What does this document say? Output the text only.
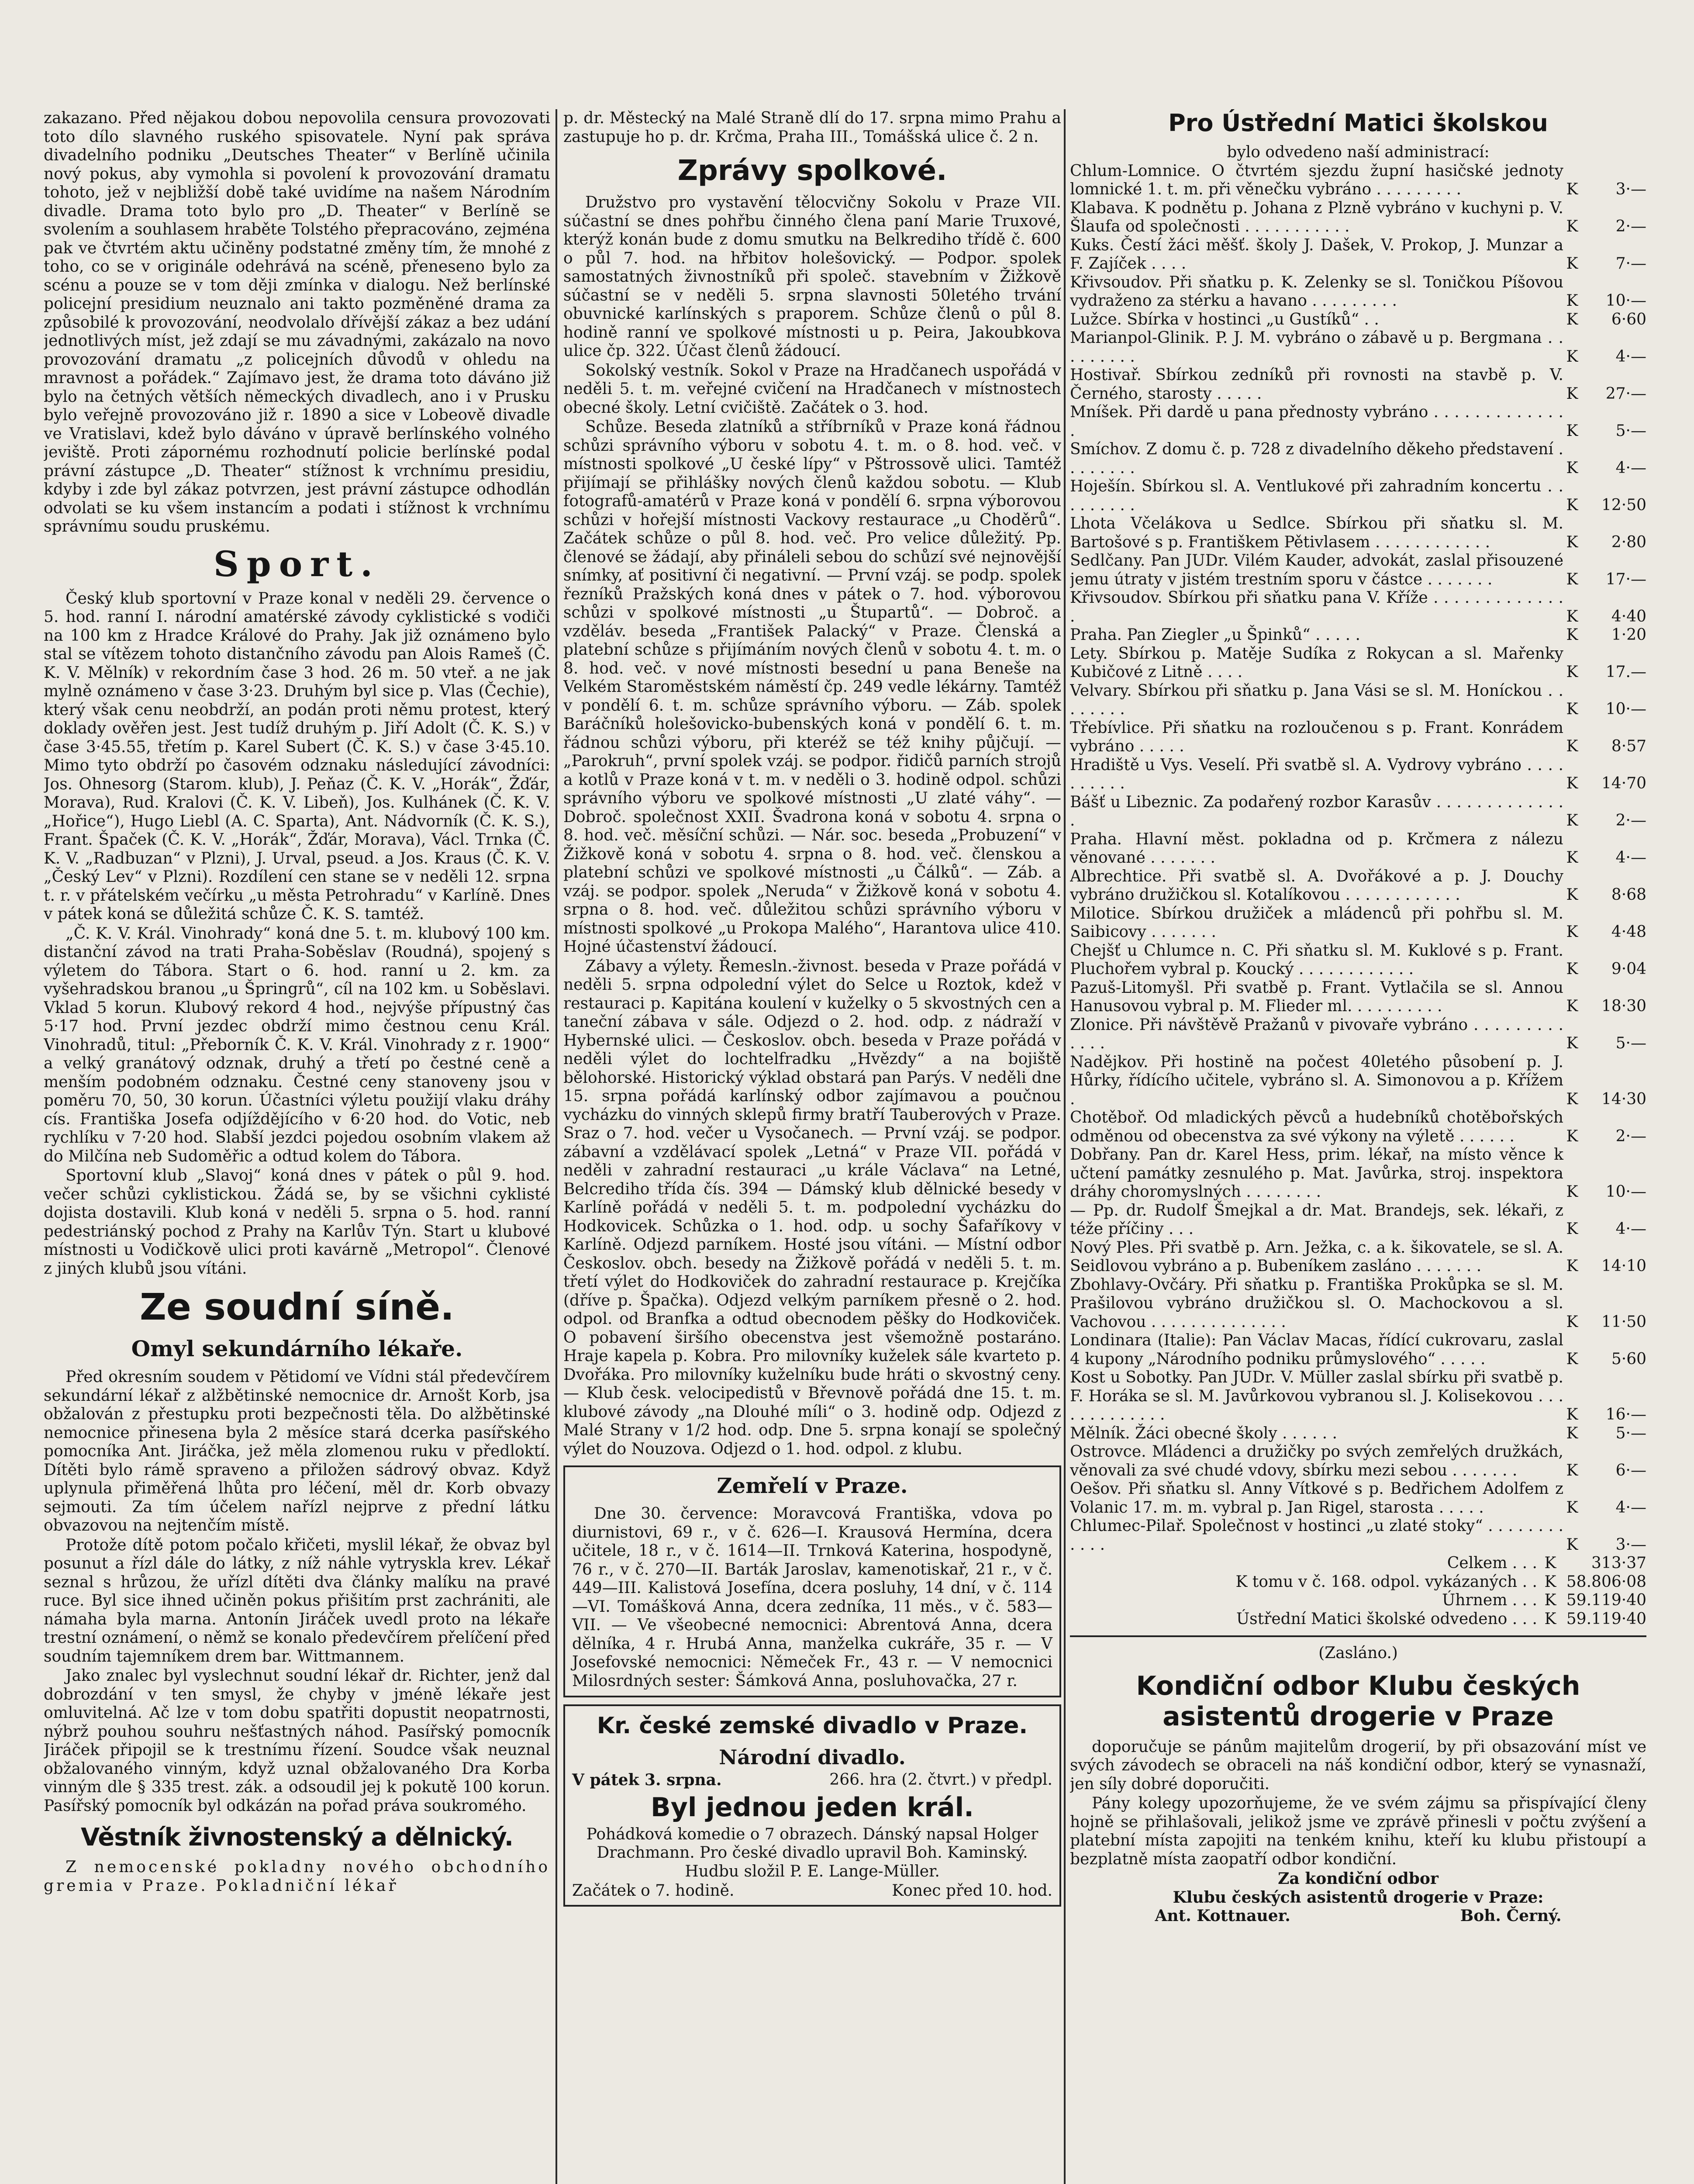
zakazano. Před nějakou dobou nepovolila censura provozovati toto dílo slavného ruského spisovatele. Nyní pak správa divadelního podniku „Deutsches Theater“ v Berlíně učinila nový pokus, aby vymohla si povolení k provozování dramatu tohoto, jež v nejbližší době také uvidíme na našem Národním divadle. Drama toto bylo pro „D. Theater“ v Berlíně se svolením a souhlasem hraběte Tolstého přepracováno, zejména pak ve čtvrtém aktu učiněny podstatné změny tím, že mnohé z toho, co se v originále odehrává na scéně, přeneseno bylo za scénu a pouze se v tom ději zmínka v dialogu. Než berlínské policejní presidium neuznalo ani takto pozměněné drama za způsobilé k provozování, neodvolalo dřívější zákaz a bez udání jednotlivých míst, jež zdají se mu závadnými, zakázalo na novo provozování dramatu „z policejních důvodů v ohledu na mravnost a pořádek.“ Zajímavo jest, že drama toto dáváno již bylo na četných větších německých divadlech, ano i v Prusku bylo veřejně provozováno již r. 1890 a sice v Lobeově divadle ve Vratislavi, kdež bylo dáváno v úpravě berlínského volného jeviště. Proti zápornému rozhodnutí policie berlínské podal právní zástupce „D. Theater“ stížnost k vrchnímu presidiu, kdyby i zde byl zákaz potvrzen, jest právní zástupce odhodlán odvolati se ku všem instancím a podati i stížnost k vrchnímu správnímu soudu pruskému.

Sport.

Český klub sportovní v Praze konal v neděli 29. července o 5. hod. ranní I. národní amatérské závody cyklistické s vodiči na 100 km z Hradce Králové do Prahy. Jak již oznámeno bylo stal se vítězem tohoto distančního závodu pan Alois Rameš (Č. K. V. Mělník) v rekordním čase 3 hod. 26 m. 50 vteř. a ne jak mylně oznámeno v čase 3·23. Druhým byl sice p. Vlas (Čechie), který však cenu neobdrží, an podán proti němu protest, který doklady ověřen jest. Jest tudíž druhým p. Jiří Adolt (Č. K. S.) v čase 3·45.55, třetím p. Karel Subert (Č. K. S.) v čase 3·45.10. Mimo tyto obdrží po časovém odznaku následující závodníci: Jos. Ohnesorg (Starom. klub), J. Peňaz (Č. K. V. „Horák“, Žďár, Morava), Rud. Kralovi (Č. K. V. Libeň), Jos. Kulhánek (Č. K. V. „Hořice“), Hugo Liebl (A. C. Sparta), Ant. Nádvorník (Č. K. S.), Frant. Špaček (Č. K. V. „Horák“, Žďár, Morava), Václ. Trnka (Č. K. V. „Radbuzan“ v Plzni), J. Urval, pseud. a Jos. Kraus (Č. K. V. „Český Lev“ v Plzni). Rozdílení cen stane se v neděli 12. srpna t. r. v přátelském večírku „u města Petrohradu“ v Karlíně. Dnes v pátek koná se důležitá schůze Č. K. S. tamtéž.

„Č. K. V. Král. Vinohrady“ koná dne 5. t. m. klubový 100 km. distanční závod na trati Praha-Soběslav (Roudná), spojený s výletem do Tábora. Start o 6. hod. ranní u 2. km. za vyšehradskou branou „u Špringrů“, cíl na 102 km. u Soběslavi. Vklad 5 korun. Klubový rekord 4 hod., nejvýše přípustný čas 5·17 hod. První jezdec obdrží mimo čestnou cenu Král. Vinohradů, titul: „Přeborník Č. K. V. Král. Vinohrady z r. 1900“ a velký granátový odznak, druhý a třetí po čestné ceně a menším podobném odznaku. Čestné ceny stanoveny jsou v poměru 70, 50, 30 korun. Účastníci výletu použijí vlaku dráhy cís. Františka Josefa odjíždějícího v 6·20 hod. do Votic, neb rychlíku v 7·20 hod. Slabší jezdci pojedou osobním vlakem až do Milčína neb Sudoměřic a odtud kolem do Tábora.

Sportovní klub „Slavoj“ koná dnes v pátek o půl 9. hod. večer schůzi cyklistickou. Žádá se, by se všichni cyklisté dojista dostavili. Klub koná v neděli 5. srpna o 5. hod. ranní pedestriánský pochod z Prahy na Karlův Týn. Start u klubové místnosti u Vodičkově ulici proti kavárně „Metropol“. Členové z jiných klubů jsou vítáni.

Ze soudní síně.
Omyl sekundárního lékaře.

Před okresním soudem v Pětidomí ve Vídni stál předevčírem sekundární lékař z alžbětinské nemocnice dr. Arnošt Korb, jsa obžalován z přestupku proti bezpečnosti těla. Do alžbětinské nemocnice přinesena byla 2 měsíce stará dcerka pasířského pomocníka Ant. Jiráčka, jež měla zlomenou ruku v předloktí. Dítěti bylo rámě spraveno a přiložen sádrový obvaz. Když uplynula přiměřená lhůta pro léčení, měl dr. Korb obvazy sejmouti. Za tím účelem nařízl nejprve z přední látku obvazovou na nejtenčím místě.

Protože dítě potom počalo křičeti, myslil lékař, že obvaz byl posunut a řízl dále do látky, z níž náhle vytryskla krev. Lékař seznal s hrůzou, že uřízl dítěti dva články malíku na pravé ruce. Byl sice ihned učiněn pokus přišitím prst zachrániti, ale námaha byla marna. Antonín Jiráček uvedl proto na lékaře trestní oznámení, o němž se konalo předevčírem přelíčení před soudním tajemníkem drem bar. Wittmannem.

Jako znalec byl vyslechnut soudní lékař dr. Richter, jenž dal dobrozdání v ten smysl, že chyby v jméně lékaře jest omluvitelná. Ač lze v tom dobu spatřiti dopustit neopatrnosti, nýbrž pouhou souhru nešťastných náhod. Pasířský pomocník Jiráček připojil se k trestnímu řízení. Soudce však neuznal obžalovaného vinným, když uznal obžalovaného Dra Korba vinným dle § 335 trest. zák. a odsoudil jej k pokutě 100 korun. Pasířský pomocník byl odkázán na pořad práva soukromého.

Věstník živnostenský a dělnický.

Z nemocenské pokladny nového obchodního gremia v Praze. Pokladniční lékař

p. dr. Městecký na Malé Straně dlí do 17. srpna mimo Prahu a zastupuje ho p. dr. Krčma, Praha III., Tomášská ulice č. 2 n.

Zprávy spolkové.

Družstvo pro vystavění tělocvičny Sokolu v Praze VII. súčastní se dnes pohřbu činného člena paní Marie Truxové, kterýž konán bude z domu smutku na Belkrediho třídě č. 600 o půl 7. hod. na hřbitov holešovický. — Podpor. spolek samostatných živnostníků při společ. stavebním v Žižkově súčastní se v neděli 5. srpna slavnosti 50letého trvání obuvnické karlínských s praporem. Schůze členů o půl 8. hodině ranní ve spolkové místnosti u p. Peira, Jakoubkova ulice čp. 322. Účast členů žádoucí.

Sokolský vestník. Sokol v Praze na Hradčanech uspořádá v neděli 5. t. m. veřejné cvičení na Hradčanech v místnostech obecné školy. Letní cvičiště. Začátek o 3. hod.

Schůze. Beseda zlatníků a stříbrníků v Praze koná řádnou schůzi správního výboru v sobotu 4. t. m. o 8. hod. več. v místnosti spolkové „U české lípy“ v Pštrossově ulici. Tamtéž přijímají se přihlášky nových členů každou sobotu. — Klub fotografů-amatérů v Praze koná v pondělí 6. srpna výborovou schůzi v hořejší místnosti Vackovy restaurace „u Choděrů“. Začátek schůze o půl 8. hod. več. Pro velice důležitý. Pp. členové se žádají, aby přináleli sebou do schůzí své nejnovější snímky, ať positivní či negativní. — První vzáj. se podp. spolek řezníků Pražských koná dnes v pátek o 7. hod. výborovou schůzi v spolkové místnosti „u Štupartů“. — Dobroč. a vzděláv. beseda „František Palacký“ v Praze. Členská a platební schůze s přijímáním nových členů v sobotu 4. t. m. o 8. hod. več. v nové místnosti besední u pana Beneše na Velkém Staroměstském náměstí čp. 249 vedle lékárny. Tamtéž v pondělí 6. t. m. schůze správního výboru. — Záb. spolek Baráčníků holešovicko-bubenských koná v pondělí 6. t. m. řádnou schůzi výboru, při kteréž se též knihy půjčují. — „Parokruh“, první spolek vzáj. se podpor. řidičů parních strojů a kotlů v Praze koná v t. m. v neděli o 3. hodině odpol. schůzi správního výboru ve spolkové místnosti „U zlaté váhy“. — Dobroč. společnost XXII. Švadrona koná v sobotu 4. srpna o 8. hod. več. měsíční schůzi. — Nár. soc. beseda „Probuzení“ v Žižkově koná v sobotu 4. srpna o 8. hod. več. členskou a platební schůzi ve spolkové místnosti „u Čálků“. — Záb. a vzáj. se podpor. spolek „Neruda“ v Žižkově koná v sobotu 4. srpna o 8. hod. več. důležitou schůzi správního výboru v místnosti spolkové „u Prokopa Malého“, Harantova ulice 410. Hojné účastenství žádoucí.

Zábavy a výlety. Řemesln.-živnost. beseda v Praze pořádá v neděli 5. srpna odpolední výlet do Selce u Roztok, kdež v restauraci p. Kapitána koulení v kuželky o 5 skvostných cen a taneční zábava v sále. Odjezd o 2. hod. odp. z nádraží v Hybernské ulici. — Českoslov. obch. beseda v Praze pořádá v neděli výlet do lochtelfradku „Hvězdy“ a na bojiště bělohorské. Historický výklad obstará pan Parýs. V neděli dne 15. srpna pořádá karlínský odbor zajímavou a poučnou vycházku do vinných sklepů firmy bratří Tauberových v Praze. Sraz o 7. hod. večer u Vysočanech. — První vzáj. se podpor. zábavní a vzdělávací spolek „Letná“ v Praze VII. pořádá v neděli v zahradní restauraci „u krále Václava“ na Letné, Belcrediho třída čís. 394 — Dámský klub dělnické besedy v Karlíně pořádá v neděli 5. t. m. podpolední vycházku do Hodkovicek. Schůzka o 1. hod. odp. u sochy Šafaříkovy v Karlíně. Odjezd parníkem. Hosté jsou vítáni. — Místní odbor Českoslov. obch. besedy na Žižkově pořádá v neděli 5. t. m. třetí výlet do Hodkoviček do zahradní restaurace p. Krejčíka (dříve p. Špačka). Odjezd velkým parníkem přesně o 2. hod. odpol. od Branfka a odtud obecnodem pěšky do Hodkoviček. O pobavení širšího obecenstva jest všemožně postaráno. Hraje kapela p. Kobra. Pro milovníky kuželek sále kvarteto p. Dvořáka. Pro milovníky kuželníku bude hráti o skvostný ceny. — Klub česk. velocipedistů v Břevnově pořádá dne 15. t. m. klubové závody „na Dlouhé míli“ o 3. hodině odp. Odjezd z Malé Strany v 1/2 hod. odp. Dne 5. srpna konají se společný výlet do Nouzova. Odjezd o 1. hod. odpol. z klubu.

Zemřelí v Praze.

Dne 30. července: Moravcová Františka, vdova po diurnistovi, 69 r., v č. 626—I. Krausová Hermína, dcera učitele, 18 r., v č. 1614—II. Trnková Katerina, hospodyně, 76 r., v č. 270—II. Barták Jaroslav, kamenotiskař, 21 r., v č. 449—III. Kalistová Josefína, dcera posluhy, 14 dní, v č. 114—VI. Tomášková Anna, dcera zedníka, 11 měs., v č. 583—VII. — Ve všeobecné nemocnici: Abrentová Anna, dcera dělníka, 4 r. Hrubá Anna, manželka cukráře, 35 r. — V Josefovské nemocnici: Němeček Fr., 43 r. — V nemocnici Milosrdných sester: Šámková Anna, posluhovačka, 27 r.

Kr. české zemské divadlo v Praze.
Národní divadlo.
V pátek 3. srpna.	266. hra (2. čtvrt.) v předpl.
Byl jednou jeden král.

Pohádková komedie o 7 obrazech. Dánský napsal Holger Drachmann. Pro české divadlo upravil Boh. Kaminský. Hudbu složil P. E. Lange-Müller.

Začátek o 7. hodině.	Konec před 10. hod.
Pro Ústřední Matici školskou
bylo odvedeno naší administrací:
Chlum-Lomnice. O čtvrtém sjezdu župní hasičské jednoty lomnické 1. t. m. při věnečku vybráno . . . . . . . . .	K	3·—
Klabava. K podnětu p. Johana z Plzně vybráno v kuchyni p. V. Šlaufa od společnosti . . . . . . . . . . .	K	2·—
Kuks. Čestí žáci měšť. školy J. Dašek, V. Prokop, J. Munzar a F. Zajíček . . . .	K	7·—
Křivsoudov. Při sňatku p. K. Zelenky se sl. Toničkou Píšovou vydraženo za stérku a havano . . . . . . . . .	K	10·—
Lužce. Sbírka v hostinci „u Gustíků“ . .	K	6·60
Marianpol-Glinik. P. J. M. vybráno o zábavě u p. Bergmana . . . . . . . . .	K	4·—
Hostivař. Sbírkou zedníků při rovnosti na stavbě p. V. Černého, starosty . . . . .	K	27·—
Mníšek. Při dardě u pana přednosty vybráno . . . . . . . . . . . . . .	K	5·—
Smíchov. Z domu č. p. 728 z divadelního děkeho představení . . . . . . . .	K	4·—
Hoješín. Sbírkou sl. A. Ventlukové při zahradním koncertu . . . . . . . . .	K	12·50
Lhota Včelákova u Sedlce. Sbírkou při sňatku sl. M. Bartošové s p. Františkem Pětivlasem . . . . . . . . . . . .	K	2·80
Sedlčany. Pan JUDr. Vilém Kauder, advokát, zaslal přisouzené jemu útraty v jistém trestním sporu v částce . . . . . . .	K	17·—
Křivsoudov. Sbírkou při sňatku pana V. Kříže . . . . . . . . . . . . . .	K	4·40
Praha. Pan Ziegler „u Špinků“ . . . . .	K	1·20
Lety. Sbírkou p. Matěje Sudíka z Rokycan a sl. Mařenky Kubičové z Litně . . . .	K	17.—
Velvary. Sbírkou při sňatku p. Jana Vási se sl. M. Honíckou . . . . . . . .	K	10·—
Třebívlice. Při sňatku na rozloučenou s p. Frant. Konrádem vybráno . . . . .	K	8·57
Hradiště u Vys. Veselí. Při svatbě sl. A. Vydrovy vybráno . . . . . . . . . .	K	14·70
Bášť u Libeznic. Za podařený rozbor Karasův . . . . . . . . . . . . . .	K	2·—
Praha. Hlavní měst. pokladna od p. Krčmera z nálezu věnované . . . . . . .	K	4·—
Albrechtice. Při svatbě sl. A. Dvořákové a p. J. Douchy vybráno družičkou sl. Kotalíkovou . . . . . . . . . . . .	K	8·68
Milotice. Sbírkou družiček a mládenců při pohřbu sl. M. Saibicovy . . . . . . .	K	4·48
Chejšť u Chlumce n. C. Při sňatku sl. M. Kuklové s p. Frant. Pluchořem vybral p. Koucký . . . . . . . . . . . .	K	9·04
Pazuš-Litomyšl. Při svatbě p. Frant. Vytlačila se sl. Annou Hanusovou vybral p. M. Flieder ml. . . . . . . . . .	K	18·30
Zlonice. Při návštěvě Pražanů v pivovaře vybráno . . . . . . . . . . . . .	K	5·—
Nadějkov. Při hostině na počest 40letého působení p. J. Hůrky, řídícího učitele, vybráno sl. A. Simonovou a p. Křížem .	K	14·30
Chotěboř. Od mladických pěvců a hudebníků chotěbořských odměnou od obecenstva za své výkony na výletě . . . . . .	K	2·—
Dobřany. Pan dr. Karel Hess, prim. lékař, na místo věnce k učtení památky zesnulého p. Mat. Javůrka, stroj. inspektora dráhy choromyslných . . . . . . . .	K	10·—
— Pp. dr. Rudolf Šmejkal a dr. Mat. Brandejs, sek. lékaři, z téže příčiny . . .	K	4·—
Nový Ples. Při svatbě p. Arn. Ježka, c. a k. šikovatele, se sl. A. Seidlovou vybráno a p. Bubeníkem zasláno . . . . . . .	K	14·10
Zbohlavy-Ovčáry. Při sňatku p. Františka Prokůpka se sl. M. Prašilovou vybráno družičkou sl. O. Machockovou a sl. Vachovou . . . . . . . . . . . . . .	K	11·50
Londinara (Italie): Pan Václav Macas, řídící cukrovaru, zaslal 4 kupony „Národního podniku průmyslového“ . . . . .	K	5·60
Kost u Sobotky. Pan JUDr. V. Müller zaslal sbírku při svatbě p. F. Horáka se sl. M. Javůrkovou vybranou sl. J. Kolisekovou . . . . . . . . . . . . .	K	16·—
Mělník. Žáci obecné školy . . . . . .	K	5·—
Ostrovce. Mládenci a družičky po svých zemřelých družkách, věnovali za své chudé vdovy, sbírku mezi sebou . . . . . . .	K	6·—
Oešov. Při sňatku sl. Anny Vítkové s p. Bedřichem Adolfem z Volanic 17. m. m. vybral p. Jan Rigel, starosta . . . . .	K	4·—
Chlumec-Pilař. Společnost v hostinci „u zlaté stoky“ . . . . . . . . . . . .	K	3·—
Celkem . . . K	313·37
K tomu v č. 168. odpol. vykázaných . . K 58.806·08
Úhrnem . . . K 59.119·40
Ústřední Matici školské odvedeno . . . K 59.119·40
(Zasláno.)
Kondiční odbor Klubu českých asistentů drogerie v Praze

doporučuje se pánům majitelům drogerií, by při obsazování míst ve svých závodech se obraceli na náš kondiční odbor, který se vynasnaží, jen síly dobré doporučiti.

Pány kolegy upozorňujeme, že ve svém zájmu sa přispívající členy hojně se přihlašovali, jelikož jsme ve zprávě přinesli v počtu zvýšení a platební místa zapojiti na tenkém knihu, kteří ku klubu přistoupí a bezplatně místa zaopatří odbor kondiční.

Za kondiční odbor
Klubu českých asistentů drogerie v Praze:
Ant. Kottnauer.	Boh. Černý.
